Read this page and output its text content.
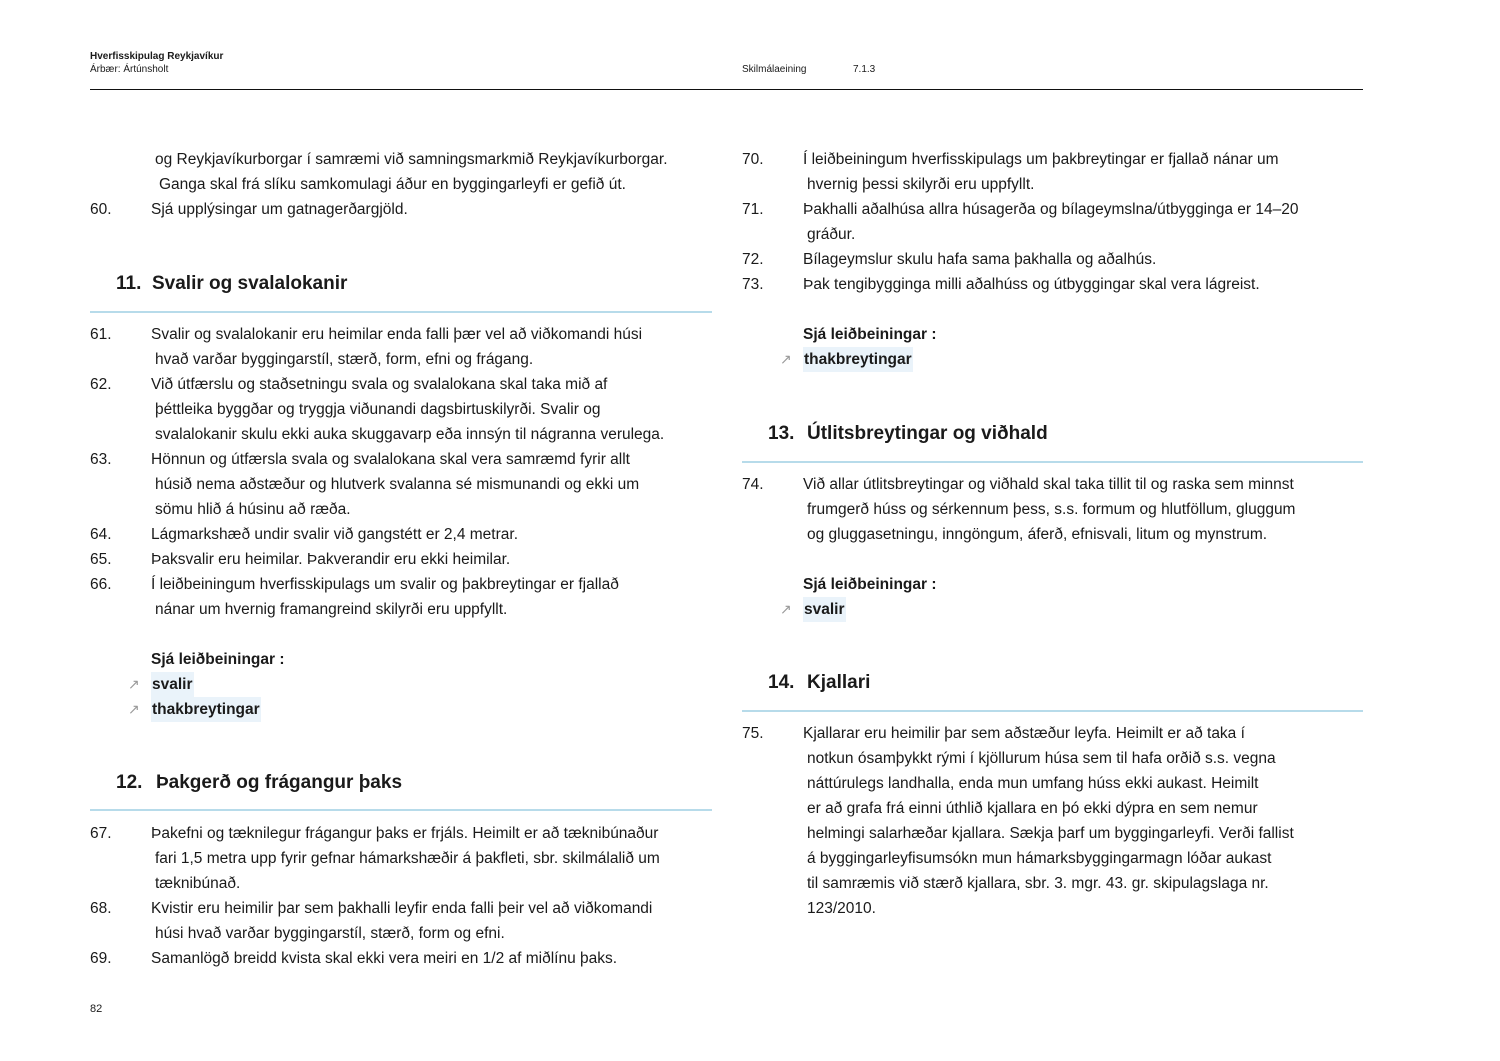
Hverfisskipulag Reykjavíkur
Árbær: Ártúnsholt	Skilmálaeining	7.1.3
og Reykjavíkurborgar í samræmi við samningsmarkmið Reykjavíkurborgar.
Ganga skal frá slíku samkomulagi áður en byggingarleyfi er gefið út.
60.	Sjá upplýsingar um gatnagerðargjöld.
11. Svalir og svalalokanir
61.	Svalir og svalalokanir eru heimilar enda falli þær vel að viðkomandi húsi
hvað varðar byggingarstíl, stærð, form, efni og frágang.
62.	Við útfærslu og staðsetningu svala og svalalokana skal taka mið af
þéttleika byggðar og tryggja viðunandi dagsbirtuskilyrði. Svalir og
svalalokanir skulu ekki auka skuggavarp eða innsýn til nágranna verulega.
63.	Hönnun og útfærsla svala og svalalokana skal vera samræmd fyrir allt
húsið nema aðstæður og hlutverk svalanna sé mismunandi og ekki um
sömu hlið á húsinu að ræða.
64.	Lágmarkshæð undir svalir við gangstétt er 2,4 metrar.
65.	Þaksvalir eru heimilar. Þakverandir eru ekki heimilar.
66.	Í leiðbeiningum hverfisskipulags um svalir og þakbreytingar er fjallað
nánar um hvernig framangreind skilyrði eru uppfyllt.
Sjá leiðbeiningar :
↗ svalir
↗ thakbreytingar
12. Þakgerð og frágangur þaks
67.	Þakefni og tæknilegur frágangur þaks er frjáls. Heimilt er að tæknibúnaður
fari 1,5 metra upp fyrir gefnar hámarkshæðir á þakfleti, sbr. skilmálalið um
tæknibúnað.
68.	Kvistir eru heimilir þar sem þakhalli leyfir enda falli þeir vel að viðkomandi
húsi hvað varðar byggingarstíl, stærð, form og efni.
69.	Samanlögð breidd kvista skal ekki vera meiri en 1/2 af miðlínu þaks.
70.	Í leiðbeiningum hverfisskipulags um þakbreytingar er fjallað nánar um
hvernig þessi skilyrði eru uppfyllt.
71.	Þakhalli aðalhúsa allra húsagerða og bílageymslna/útbygginga er 14–20
gráður.
72.	Bílageymslur skulu hafa sama þakhalla og aðalhús.
73.	Þak tengibygginga milli aðalhúss og útbyggingar skal vera lágreist.
Sjá leiðbeiningar :
↗ thakbreytingar
13. Útlitsbreytingar og viðhald
74.	Við allar útlitsbreytingar og viðhald skal taka tillit til og raska sem minnst
frumgerð húss og sérkennum þess, s.s. formum og hlutföllum, gluggum
og gluggasetningu, inngöngum, áferð, efnisvali, litum og mynstrum.
Sjá leiðbeiningar :
↗ svalir
14. Kjallari
75.	Kjallarar eru heimilir þar sem aðstæður leyfa. Heimilt er að taka í
notkun ósamþykkt rými í kjöllurum húsa sem til hafa orðið s.s. vegna
náttúrulegs landhalla, enda mun umfang húss ekki aukast. Heimilt
er að grafa frá einni úthlið kjallara en þó ekki dýpra en sem nemur
helmingi salarhæðar kjallara. Sækja þarf um byggingarleyfi. Verði fallist
á byggingarleyfisumsókn mun hámarksbyggingarmagn lóðar aukast
til samræmis við stærð kjallara, sbr. 3. mgr. 43. gr. skipulagslaga nr.
123/2010.
82
